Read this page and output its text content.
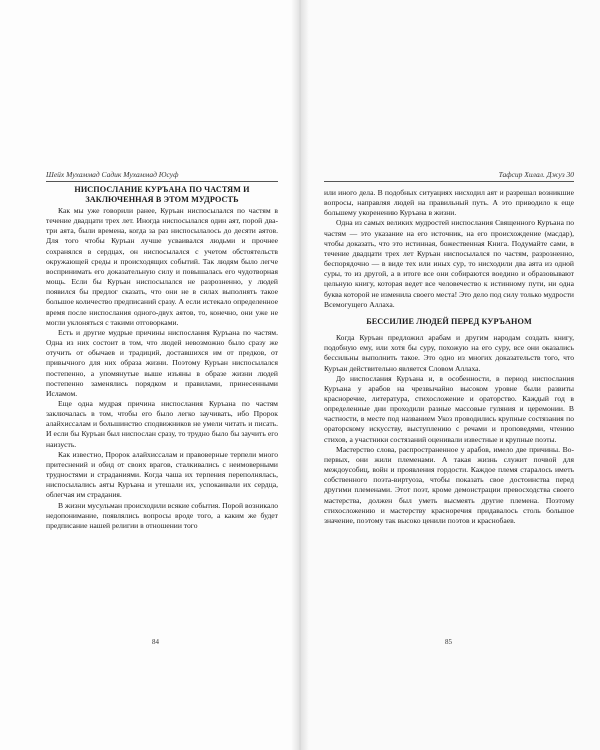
Шейх Мухаммад Садик Мухаммад Юсуф
НИСПОСЛАНИЕ КУРЪАНА ПО ЧАСТЯМ И ЗАКЛЮЧЕННАЯ В ЭТОМ МУДРОСТЬ

Как мы уже говорили ранее, Куръан ниспосылался по частям в течение двадцати трех лет. Иногда ниспосылался один аят, порой два-три аята, были времена, когда за раз ниспосылалось до десяти аятов. Для того чтобы Куръан лучше усваивался людьми и прочнее сохранялся в сердцах, он ниспосылался с учетом обстоятельств окружающей среды и происходящих событий. Так людям было легче воспринимать его доказательную силу и повышалась его чудотворная мощь. Если бы Куръан ниспосылался не разрозненно, у людей появился бы предлог сказать, что они не в силах выполнять такое большое количество предписаний сразу. А если истекало определенное время после ниспослания одного-двух аятов, то, конечно, они уже не могли уклоняться с такими отговорками.

Есть и другие мудрые причины ниспослания Куръана по частям. Одна из них состоит в том, что людей невозможно было сразу же отучить от обычаев и традиций, доставшихся им от предков, от привычного для них образа жизни. Поэтому Куръан ниспосылался постепенно, а упомянутые выше изъяны в образе жизни людей постепенно заменялись порядком и правилами, принесенными Исламом.

Еще одна мудрая причина ниспослания Куръана по частям заключалась в том, чтобы его было легко заучивать, ибо Пророк алайхиссалам и большинство сподвижников не умели читать и писать. И если бы Куръан был ниспослан сразу, то трудно было бы заучить его наизусть.

Как известно, Пророк алайхиссалам и правоверные терпели много притеснений и обид от своих врагов, сталкивались с неимоверными трудностями и страданиями. Когда чаша их терпения переполнялась, ниспосылались аяты Куръана и утешали их, успокаивали их сердца, облегчая им страдания.

В жизни мусульман происходили всякие события. Порой возникало недопонимание, появлялись вопросы вроде того, а каким же будет предписание нашей религии в отношении того

84
Тафсир Хилал. Джуз 30

или иного дела. В подобных ситуациях нисходил аят и разрешал возникшие вопросы, направляя людей на правильный путь. А это приводило к еще большему укоренению Куръана в жизни.

Одна из самых великих мудростей ниспослания Священного Куръана по частям — это указание на его источник, на его происхождение (масдар), чтобы доказать, что это истинная, божественная Книга. Подумайте сами, в течение двадцати трех лет Куръан ниспосылался по частям, разрозненно, беспорядочно — в виде тех или иных сур, то нисходили два аята из одной суры, то из другой, а в итоге все они собираются воедино и образовывают цельную книгу, которая ведет все человечество к истинному пути, ни одна буква которой не изменила своего места! Это дело под силу только мудрости Всемогущего Аллаха.

БЕССИЛИЕ ЛЮДЕЙ ПЕРЕД КУРЪАНОМ

Когда Куръан предложил арабам и другим народам создать книгу, подобную ему, или хотя бы суру, похожую на его суру, все они оказались бессильны выполнить такое. Это одно из многих доказательств того, что Куръан действительно является Словом Аллаха.

До ниспослания Куръана и, в особенности, в период ниспослания Куръана у арабов на чрезвычайно высоком уровне были развиты красноречие, литература, стихосложение и ораторство. Каждый год в определенные дни проходили разные массовые гуляния и церемонии. В частности, в месте под названием Укоз проводились крупные состязания по ораторскому искусству, выступлению с речами и проповедями, чтению стихов, а участники состязаний оценивали известные и крупные поэты.

Мастерство слова, распространенное у арабов, имело две причины. Во-первых, они жили племенами. А такая жизнь служит почвой для междоусобиц, войн и проявления гордости. Каждое племя старалось иметь собственного поэта-виртуоза, чтобы показать свое достоинства перед другими племенами. Этот поэт, кроме демонстрации превосходства своего мастерства, должен был уметь высмеять другие племена. Поэтому стихосложению и мастерству красноречия придавалось столь большое значение, поэтому так высоко ценили поэтов и краснобаев.

85
